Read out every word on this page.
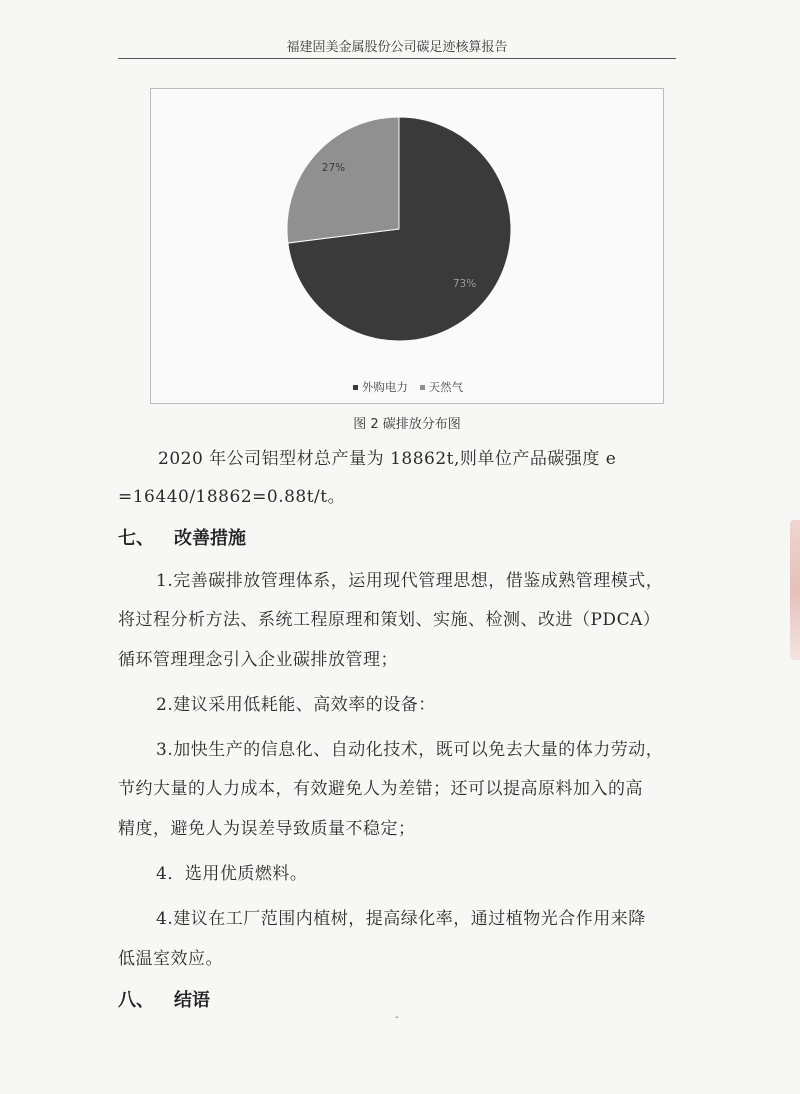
福建固美金属股份公司碳足迹核算报告
73%
27%
外购电力 天然气
图 2 碳排放分布图

2020 年公司铝型材总产量为 18862t,则单位产品碳强度 e

=16440/18862=0.88t/t。

七、 改善措施

1.完善碳排放管理体系，运用现代管理思想，借鉴成熟管理模式，

将过程分析方法、系统工程原理和策划、实施、检测、改进（PDCA）

循环管理理念引入企业碳排放管理；

2.建议采用低耗能、高效率的设备：

3.加快生产的信息化、自动化技术，既可以免去大量的体力劳动，

节约大量的人力成本，有效避免人为差错；还可以提高原料加入的高

精度，避免人为误差导致质量不稳定；

4．选用优质燃料。

4.建议在工厂范围内植树，提高绿化率，通过植物光合作用来降

低温室效应。

八、 结语
-
